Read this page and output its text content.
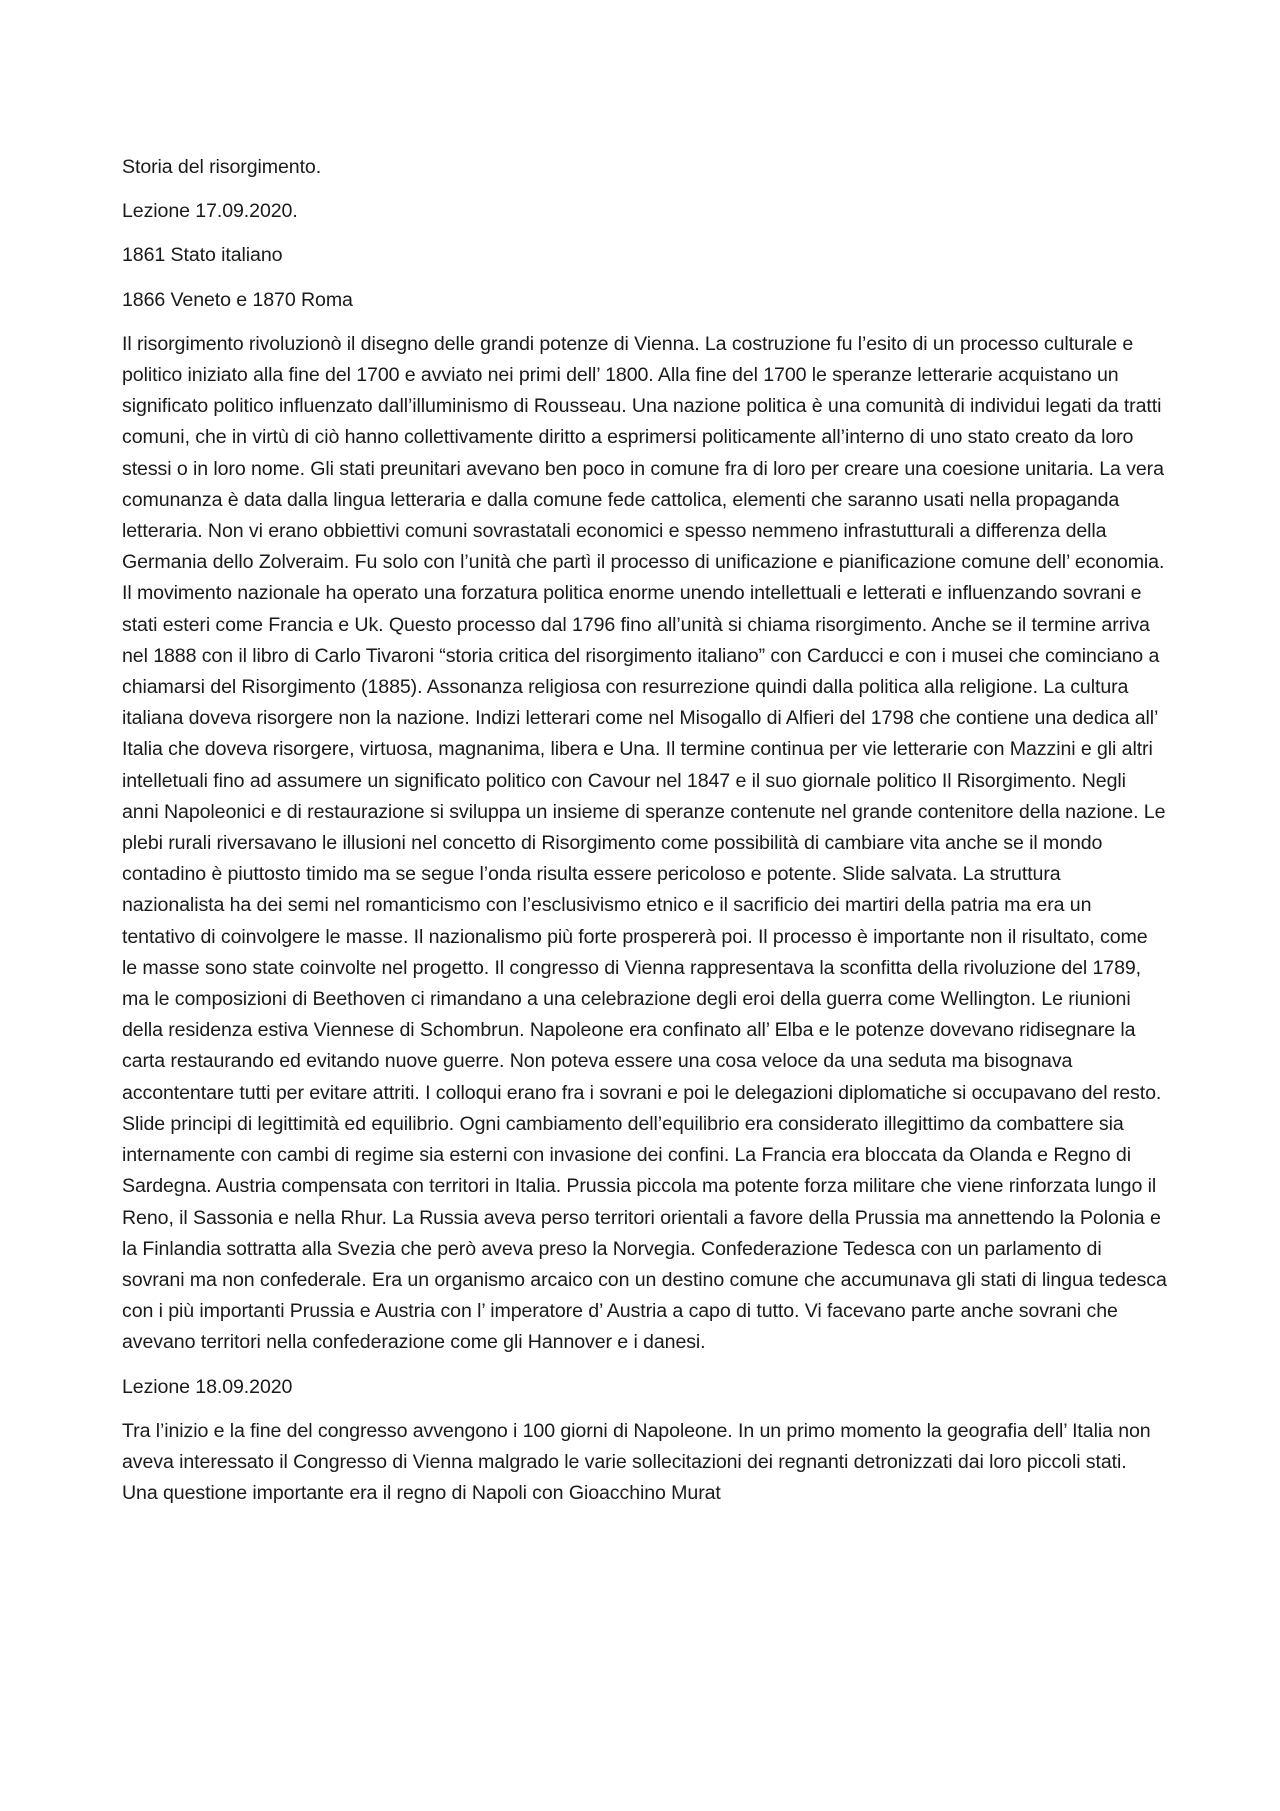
Storia del risorgimento.

Lezione 17.09.2020.

1861 Stato italiano

1866 Veneto e 1870 Roma

Il risorgimento rivoluzionò il disegno delle grandi potenze di Vienna. La costruzione fu l’esito di un processo culturale e politico iniziato alla fine del 1700 e avviato nei primi dell’ 1800. Alla fine del 1700 le speranze letterarie acquistano un significato politico influenzato dall’illuminismo di Rousseau. Una nazione politica è una comunità di individui legati da tratti comuni, che in virtù di ciò hanno collettivamente diritto a esprimersi politicamente all’interno di uno stato creato da loro stessi o in loro nome. Gli stati preunitari avevano ben poco in comune fra di loro per creare una coesione unitaria. La vera comunanza è data dalla lingua letteraria e dalla comune fede cattolica, elementi che saranno usati nella propaganda letteraria. Non vi erano obbiettivi comuni sovrastatali economici e spesso nemmeno infrastutturali a differenza della Germania dello Zolveraim. Fu solo con l’unità che partì il processo di unificazione e pianificazione comune dell’ economia. Il movimento nazionale ha operato una forzatura politica enorme unendo intellettuali e letterati e influenzando sovrani e stati esteri come Francia e Uk. Questo processo dal 1796 fino all’unità si chiama risorgimento. Anche se il termine arriva nel 1888 con il libro di Carlo Tivaroni “storia critica del risorgimento italiano” con Carducci e con i musei che cominciano a chiamarsi del Risorgimento (1885). Assonanza religiosa con resurrezione quindi dalla politica alla religione. La cultura italiana doveva risorgere non la nazione. Indizi letterari come nel Misogallo di Alfieri del 1798 che contiene una dedica all’ Italia che doveva risorgere, virtuosa, magnanima, libera e Una. Il termine continua per vie letterarie con Mazzini e gli altri intelletuali fino ad assumere un significato politico con Cavour nel 1847 e il suo giornale politico Il Risorgimento. Negli anni Napoleonici e di restaurazione si sviluppa un insieme di speranze contenute nel grande contenitore della nazione. Le plebi rurali riversavano le illusioni nel concetto di Risorgimento come possibilità di cambiare vita anche se il mondo contadino è piuttosto timido ma se segue l’onda risulta essere pericoloso e potente. Slide salvata. La struttura nazionalista ha dei semi nel romanticismo con l’esclusivismo etnico e il sacrificio dei martiri della patria ma era un tentativo di coinvolgere le masse. Il nazionalismo più forte prospererà poi. Il processo è importante non il risultato, come le masse sono state coinvolte nel progetto. Il congresso di Vienna rappresentava la sconfitta della rivoluzione del 1789, ma le composizioni di Beethoven ci rimandano a una celebrazione degli eroi della guerra come Wellington. Le riunioni della residenza estiva Viennese di Schombrun. Napoleone era confinato all’ Elba e le potenze dovevano ridisegnare la carta restaurando ed evitando nuove guerre. Non poteva essere una cosa veloce da una seduta ma bisognava accontentare tutti per evitare attriti. I colloqui erano fra i sovrani e poi le delegazioni diplomatiche si occupavano del resto. Slide principi di legittimità ed equilibrio. Ogni cambiamento dell’equilibrio era considerato illegittimo da combattere sia internamente con cambi di regime sia esterni con invasione dei confini. La Francia era bloccata da Olanda e Regno di Sardegna. Austria compensata con territori in Italia. Prussia piccola ma potente forza militare che viene rinforzata lungo il Reno, il Sassonia e nella Rhur. La Russia aveva perso territori orientali a favore della Prussia ma annettendo la Polonia e la Finlandia sottratta alla Svezia che però aveva preso la Norvegia. Confederazione Tedesca con un parlamento di sovrani ma non confederale. Era un organismo arcaico con un destino comune che accumunava gli stati di lingua tedesca con i più importanti Prussia e Austria con l’ imperatore d’ Austria a capo di tutto. Vi facevano parte anche sovrani che avevano territori nella confederazione come gli Hannover e i danesi.

Lezione 18.09.2020

Tra l’inizio e la fine del congresso avvengono i 100 giorni di Napoleone. In un primo momento la geografia dell’ Italia non aveva interessato il Congresso di Vienna malgrado le varie sollecitazioni dei regnanti detronizzati dai loro piccoli stati. Una questione importante era il regno di Napoli con Gioacchino Murat
